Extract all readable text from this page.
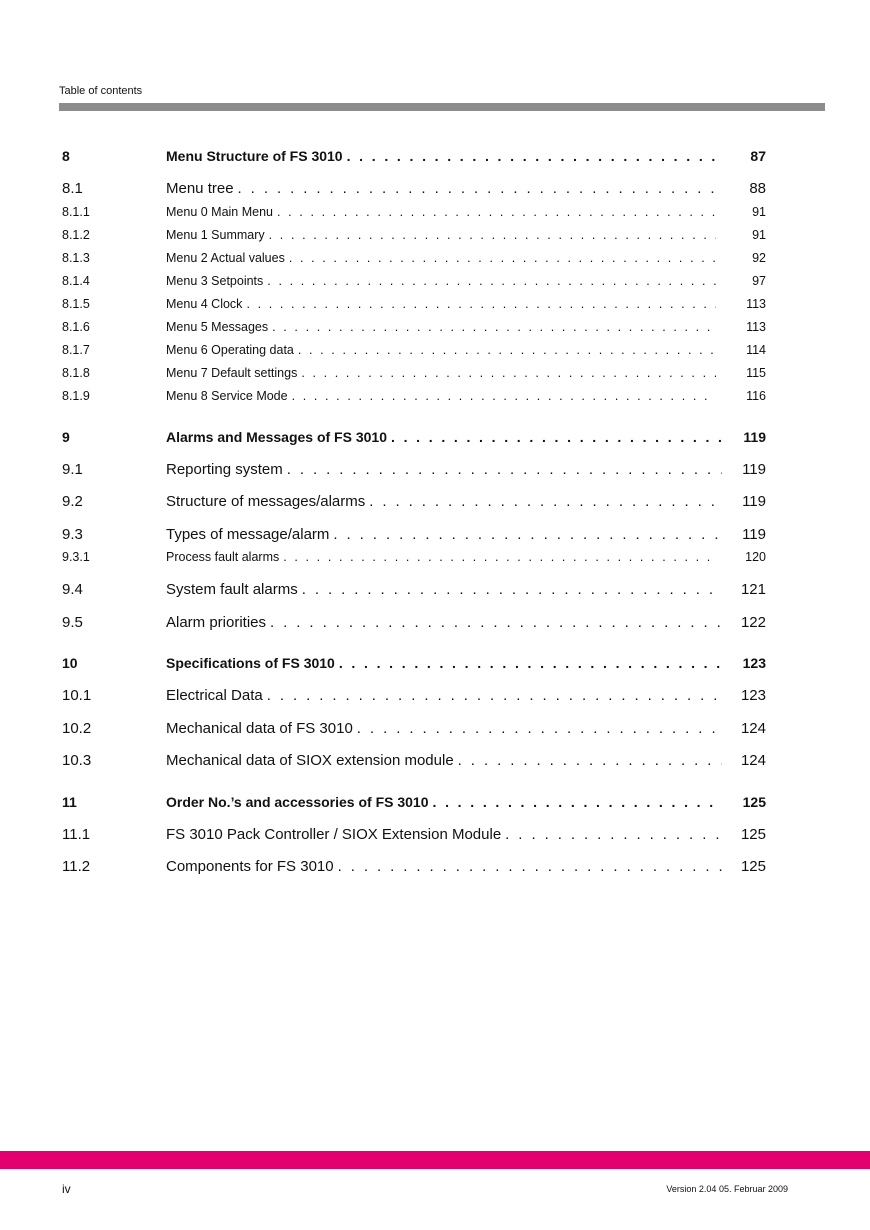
Table of contents
8	Menu Structure of FS 3010 . . .	87
8.1	Menu tree . . .	88
8.1.1	Menu 0 Main Menu . . .	91
8.1.2	Menu 1 Summary . . .	91
8.1.3	Menu 2 Actual values . . .	92
8.1.4	Menu 3 Setpoints . . .	97
8.1.5	Menu 4 Clock . . .	113
8.1.6	Menu 5 Messages . . .	113
8.1.7	Menu 6 Operating data . . .	114
8.1.8	Menu 7 Default settings . . .	115
8.1.9	Menu 8 Service Mode . . .	116
9	Alarms and Messages of FS 3010 . . .	119
9.1	Reporting system . . .	119
9.2	Structure of messages/alarms . . .	119
9.3	Types of message/alarm . . .	119
9.3.1	Process fault alarms . . .	120
9.4	System fault alarms . . .	121
9.5	Alarm priorities . . .	122
10	Specifications of FS 3010 . . .	123
10.1	Electrical Data . . .	123
10.2	Mechanical data of FS 3010 . . .	124
10.3	Mechanical data of SIOX extension module . . .	124
11	Order No.’s and accessories of FS 3010 . . .	125
11.1	FS 3010 Pack Controller / SIOX Extension Module . . .	125
11.2	Components for FS 3010 . . .	125
iv	Version 2.04 05. Februar 2009
